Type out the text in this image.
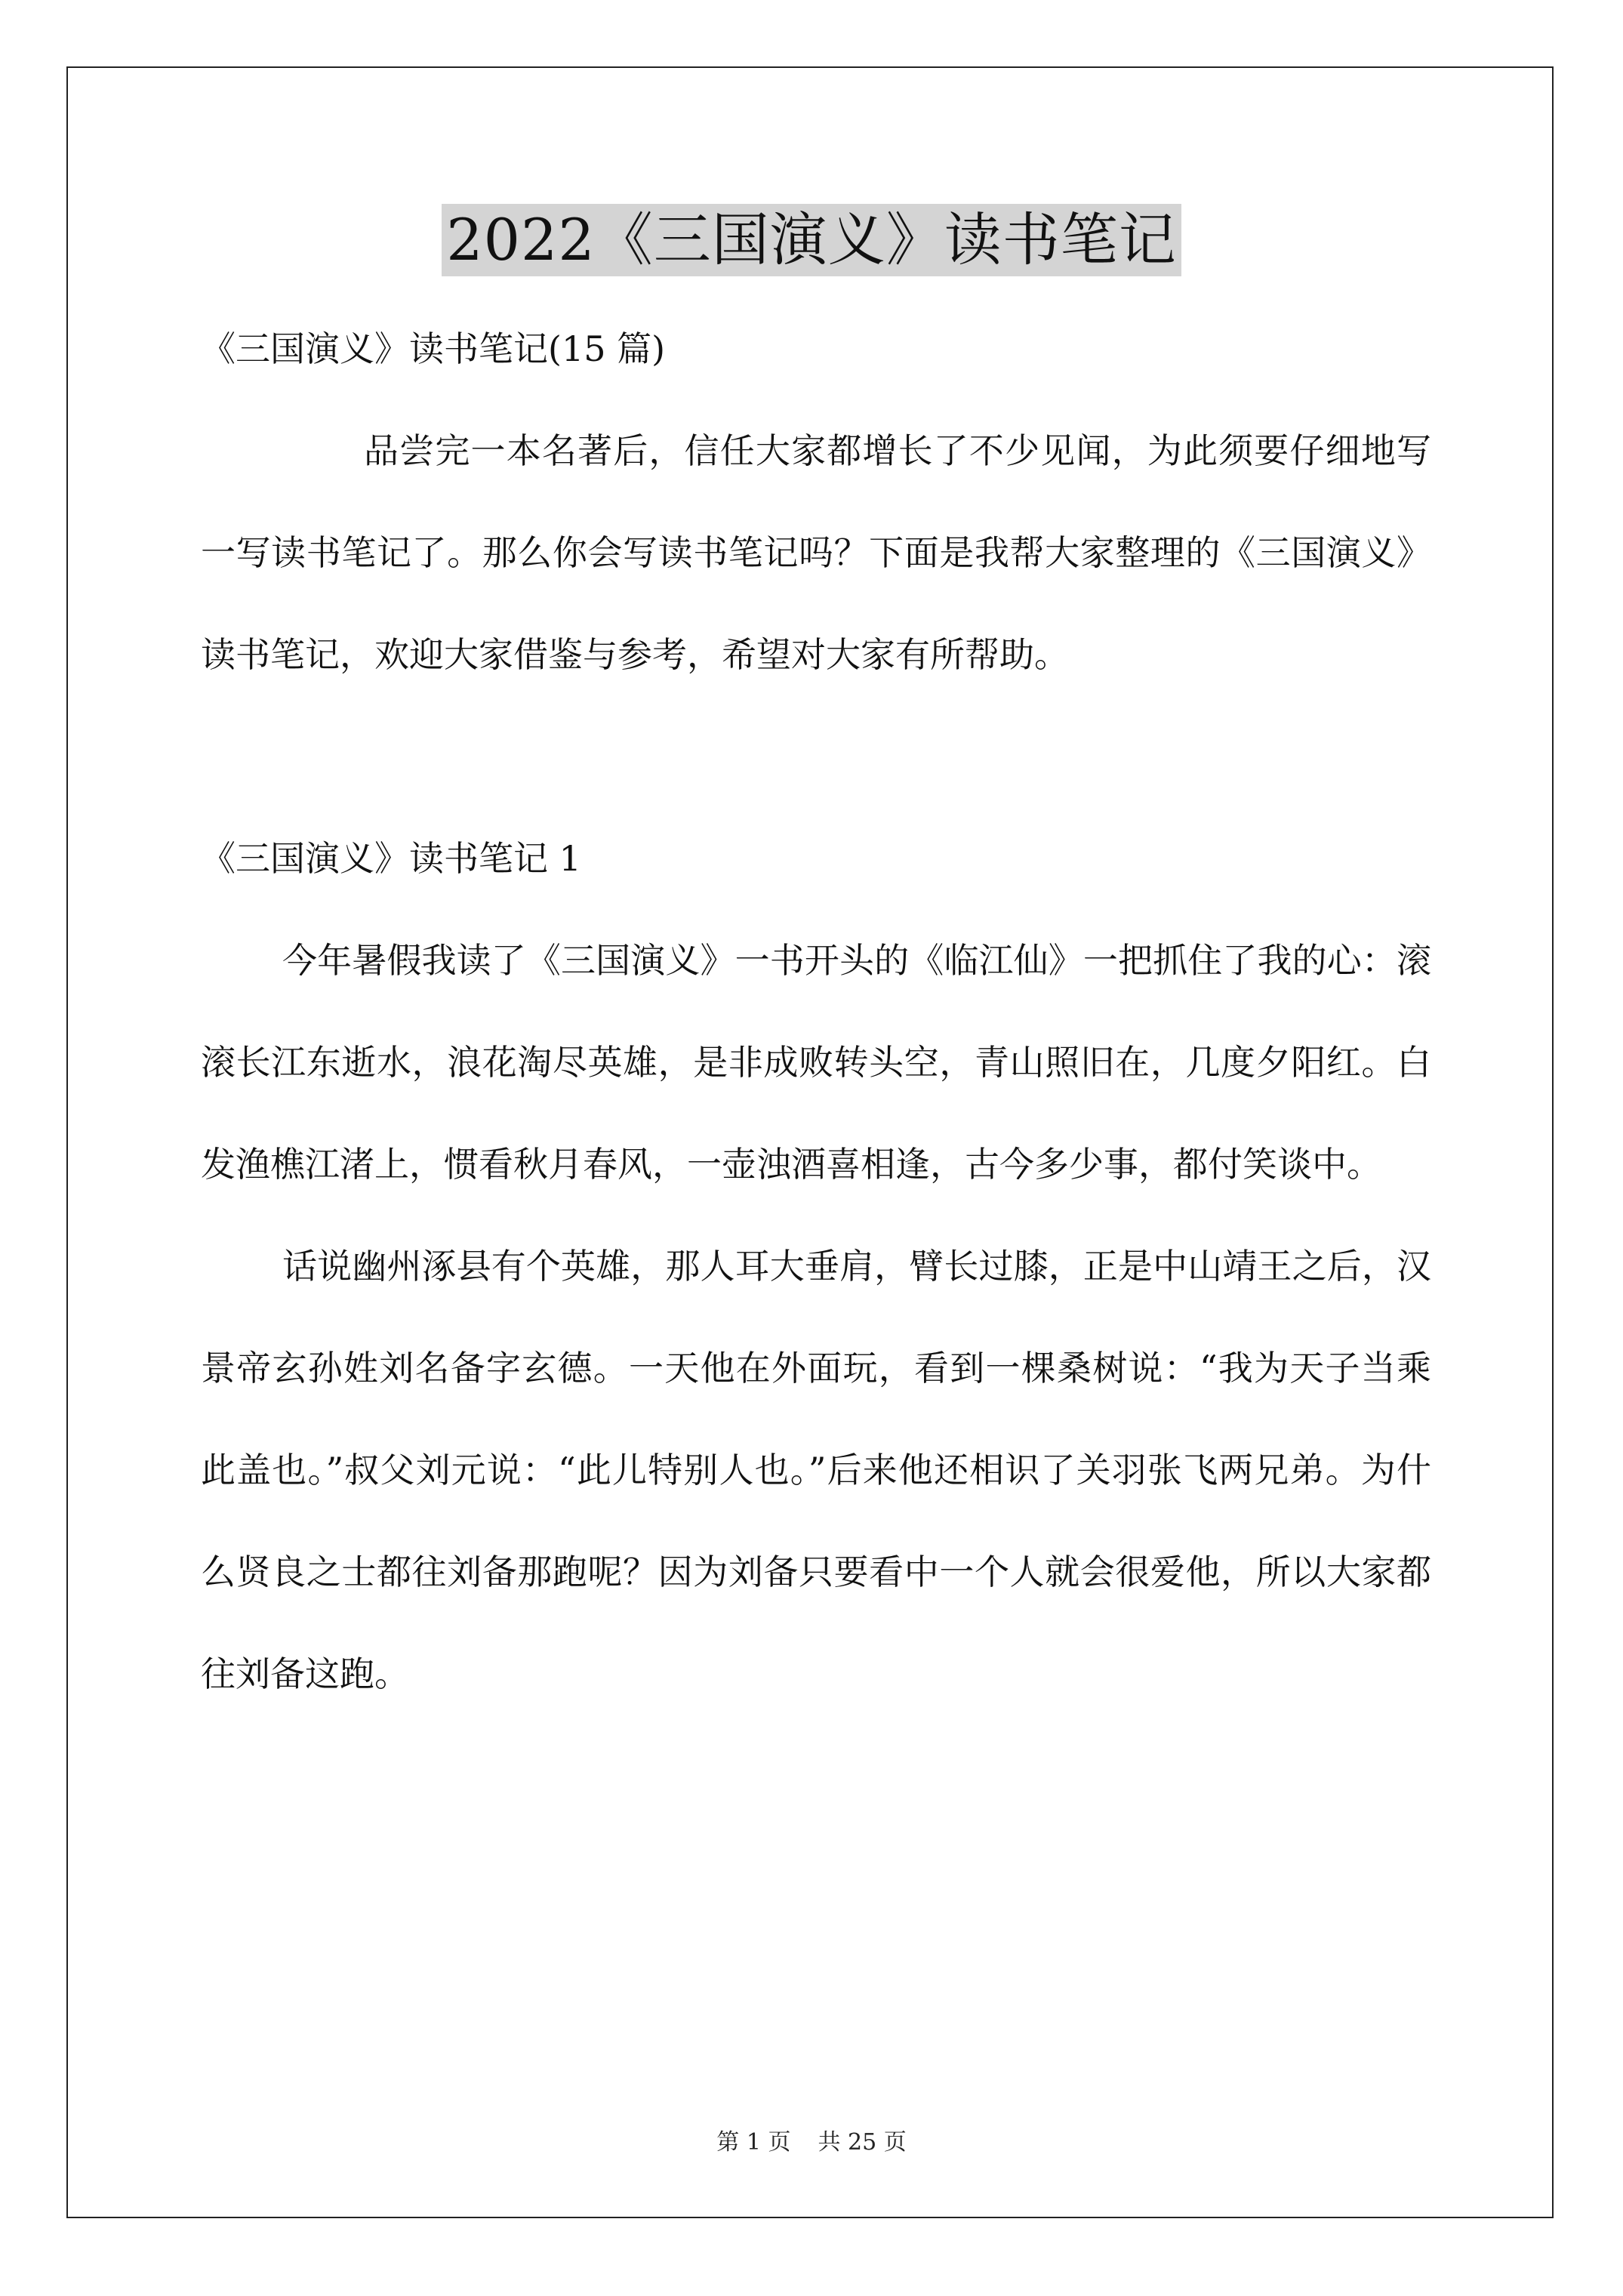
2022《三国演义》读书笔记

《三国演义》读书笔记(15 篇)

品尝完一本名著后，信任大家都增长了不少见闻，为此须要仔细地写一写读书笔记了。那么你会写读书笔记吗？下面是我帮大家整理的《三国演义》读书笔记，欢迎大家借鉴与参考，希望对大家有所帮助。

《三国演义》读书笔记 1

今年暑假我读了《三国演义》一书开头的《临江仙》一把抓住了我的心：滚滚长江东逝水，浪花淘尽英雄，是非成败转头空，青山照旧在，几度夕阳红。白发渔樵江渚上，惯看秋月春风，一壶浊酒喜相逢，古今多少事，都付笑谈中。

话说幽州涿县有个英雄，那人耳大垂肩，臂长过膝，正是中山靖王之后，汉景帝玄孙姓刘名备字玄德。一天他在外面玩，看到一棵桑树说：“我为天子当乘此盖也。”叔父刘元说：“此儿特别人也。”后来他还相识了关羽张飞两兄弟。为什么贤良之士都往刘备那跑呢？因为刘备只要看中一个人就会很爱他，所以大家都往刘备这跑。

第 1 页 共 25 页
